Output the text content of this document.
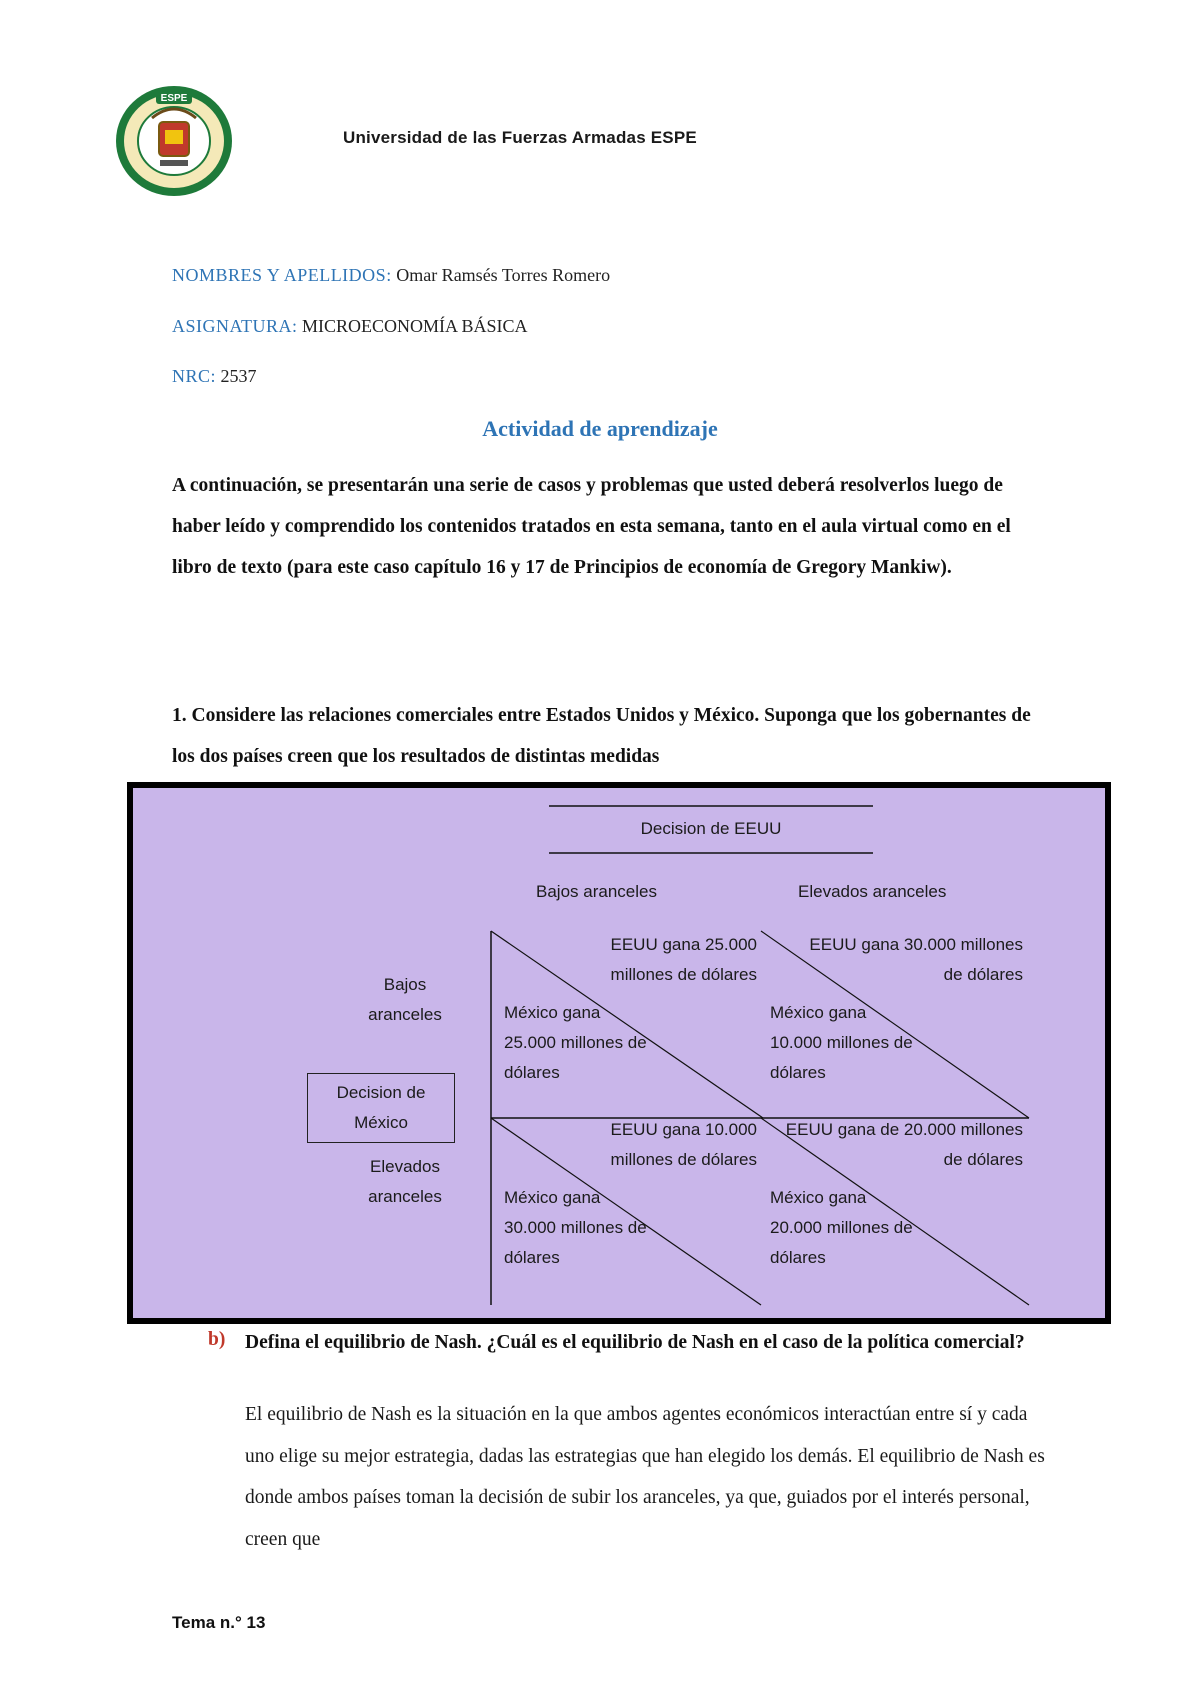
ESPE
Universidad de las Fuerzas Armadas ESPE
NOMBRES Y APELLIDOS: Omar Ramsés Torres Romero
ASIGNATURA: MICROECONOMÍA BÁSICA
NRC: 2537
Actividad de aprendizaje
A continuación, se presentarán una serie de casos y problemas que usted deberá resolverlos luego de haber leído y comprendido los contenidos tratados en esta semana, tanto en el aula virtual como en el libro de texto (para este caso capítulo 16 y 17 de Principios de economía de Gregory Mankiw).
1. Considere las relaciones comerciales entre Estados Unidos y México. Suponga que los gobernantes de los dos países creen que los resultados de distintas medidas
Decision de EEUU
Bajos aranceles	Elevados aranceles
Bajos
aranceles
Elevados
aranceles
Decision de
México
EEUU gana 25.000
millones de dólares
México gana
25.000 millones de
dólares
EEUU gana 30.000 millones
de dólares
México gana
10.000 millones de
dólares
EEUU gana 10.000
millones de dólares
México gana
30.000 millones de
dólares
EEUU gana de 20.000 millones
de dólares
México gana
20.000 millones de
dólares
b) Defina el equilibrio de Nash. ¿Cuál es el equilibrio de Nash en el caso de la política comercial?
El equilibrio de Nash es la situación en la que ambos agentes económicos interactúan entre sí y cada uno elige su mejor estrategia, dadas las estrategias que han elegido los demás. El equilibrio de Nash es donde ambos países toman la decisión de subir los aranceles, ya que, guiados por el interés personal, creen que
Tema n.° 13
